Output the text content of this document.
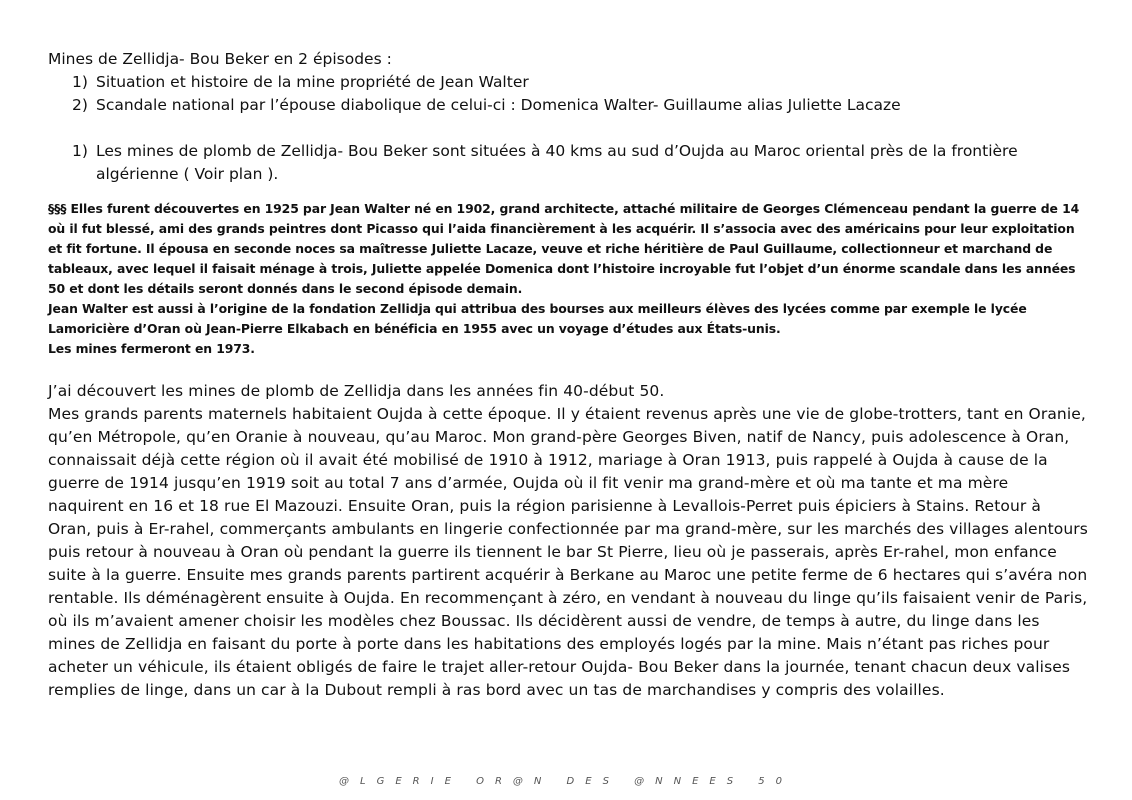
Mines de Zellidja- Bou Beker en 2 épisodes :

1) Situation et histoire de la mine propriété de Jean Walter
2) Scandale national par l’épouse diabolique de celui-ci : Domenica Walter- Guillaume alias Juliette Lacaze
1) Les mines de plomb de Zellidja- Bou Beker sont situées à 40 kms au sud d’Oujda au Maroc oriental près de la frontière algérienne ( Voir plan ).

§§§ Elles furent découvertes en 1925 par Jean Walter né en 1902, grand architecte, attaché militaire de Georges Clémenceau pendant la guerre de 14 où il fut blessé, ami des grands peintres dont Picasso qui l’aida financièrement à les acquérir. Il s’associa avec des américains pour leur exploitation et fit fortune. Il épousa en seconde noces sa maîtresse Juliette Lacaze, veuve et riche héritière de Paul Guillaume, collectionneur et marchand de tableaux, avec lequel il faisait ménage à trois, Juliette appelée Domenica dont l’histoire incroyable fut l’objet d’un énorme scandale dans les années 50 et dont les détails seront donnés dans le second épisode demain.

Jean Walter est aussi à l’origine de la fondation Zellidja qui attribua des bourses aux meilleurs élèves des lycées comme par exemple le lycée Lamoricière d’Oran où Jean-Pierre Elkabach en bénéficia en 1955 avec un voyage d’études aux États-unis.

Les mines fermeront en 1973.

J’ai découvert les mines de plomb de Zellidja dans les années fin 40-début 50.

Mes grands parents maternels habitaient Oujda à cette époque. Il y étaient revenus après une vie de globe-trotters, tant en Oranie, qu’en Métropole, qu’en Oranie à nouveau, qu’au Maroc. Mon grand-père Georges Biven, natif de Nancy, puis adolescence à Oran, connaissait déjà cette région où il avait été mobilisé de 1910 à 1912, mariage à Oran 1913, puis rappelé à Oujda à cause de la guerre de 1914 jusqu’en 1919 soit au total 7 ans d’armée, Oujda où il fit venir ma grand-mère et où ma tante et ma mère naquirent en 16 et 18 rue El Mazouzi. Ensuite Oran, puis la région parisienne à Levallois-Perret puis épiciers à Stains. Retour à Oran, puis à Er-rahel, commerçants ambulants en lingerie confectionnée par ma grand-mère, sur les marchés des villages alentours puis retour à nouveau à Oran où pendant la guerre ils tiennent le bar St Pierre, lieu où je passerais, après Er-rahel, mon enfance suite à la guerre. Ensuite mes grands parents partirent acquérir à Berkane au Maroc une petite ferme de 6 hectares qui s’avéra non rentable. Ils déménagèrent ensuite à Oujda. En recommençant à zéro, en vendant à nouveau du linge qu’ils faisaient venir de Paris, où ils m’avaient amener choisir les modèles chez Boussac. Ils décidèrent aussi de vendre, de temps à autre, du linge dans les mines de Zellidja en faisant du porte à porte dans les habitations des employés logés par la mine. Mais n’étant pas riches pour acheter un véhicule, ils étaient obligés de faire le trajet aller-retour Oujda- Bou Beker dans la journée, tenant chacun deux valises remplies de linge, dans un car à la Dubout rempli à ras bord avec un tas de marchandises y compris des volailles.

@LGERIE OR@N DES @NNEES 50
